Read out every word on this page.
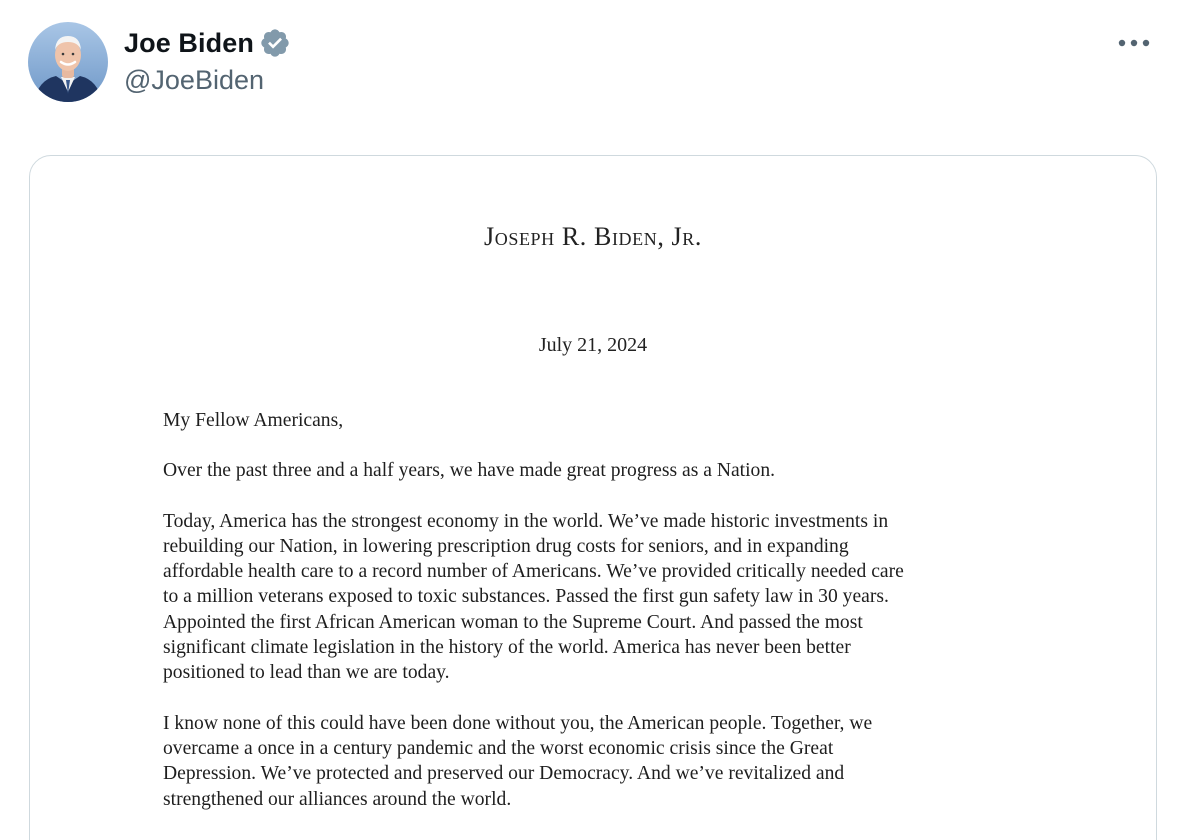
Joe Biden
@JoeBiden
Joseph R. Biden, Jr.
July 21, 2024

My Fellow Americans,

Over the past three and a half years, we have made great progress as a Nation.

Today, America has the strongest economy in the world. We’ve made historic investments in
rebuilding our Nation, in lowering prescription drug costs for seniors, and in expanding
affordable health care to a record number of Americans. We’ve provided critically needed care
to a million veterans exposed to toxic substances. Passed the first gun safety law in 30 years.
Appointed the first African American woman to the Supreme Court. And passed the most
significant climate legislation in the history of the world. America has never been better
positioned to lead than we are today.

I know none of this could have been done without you, the American people. Together, we
overcame a once in a century pandemic and the worst economic crisis since the Great
Depression. We’ve protected and preserved our Democracy. And we’ve revitalized and
strengthened our alliances around the world.
